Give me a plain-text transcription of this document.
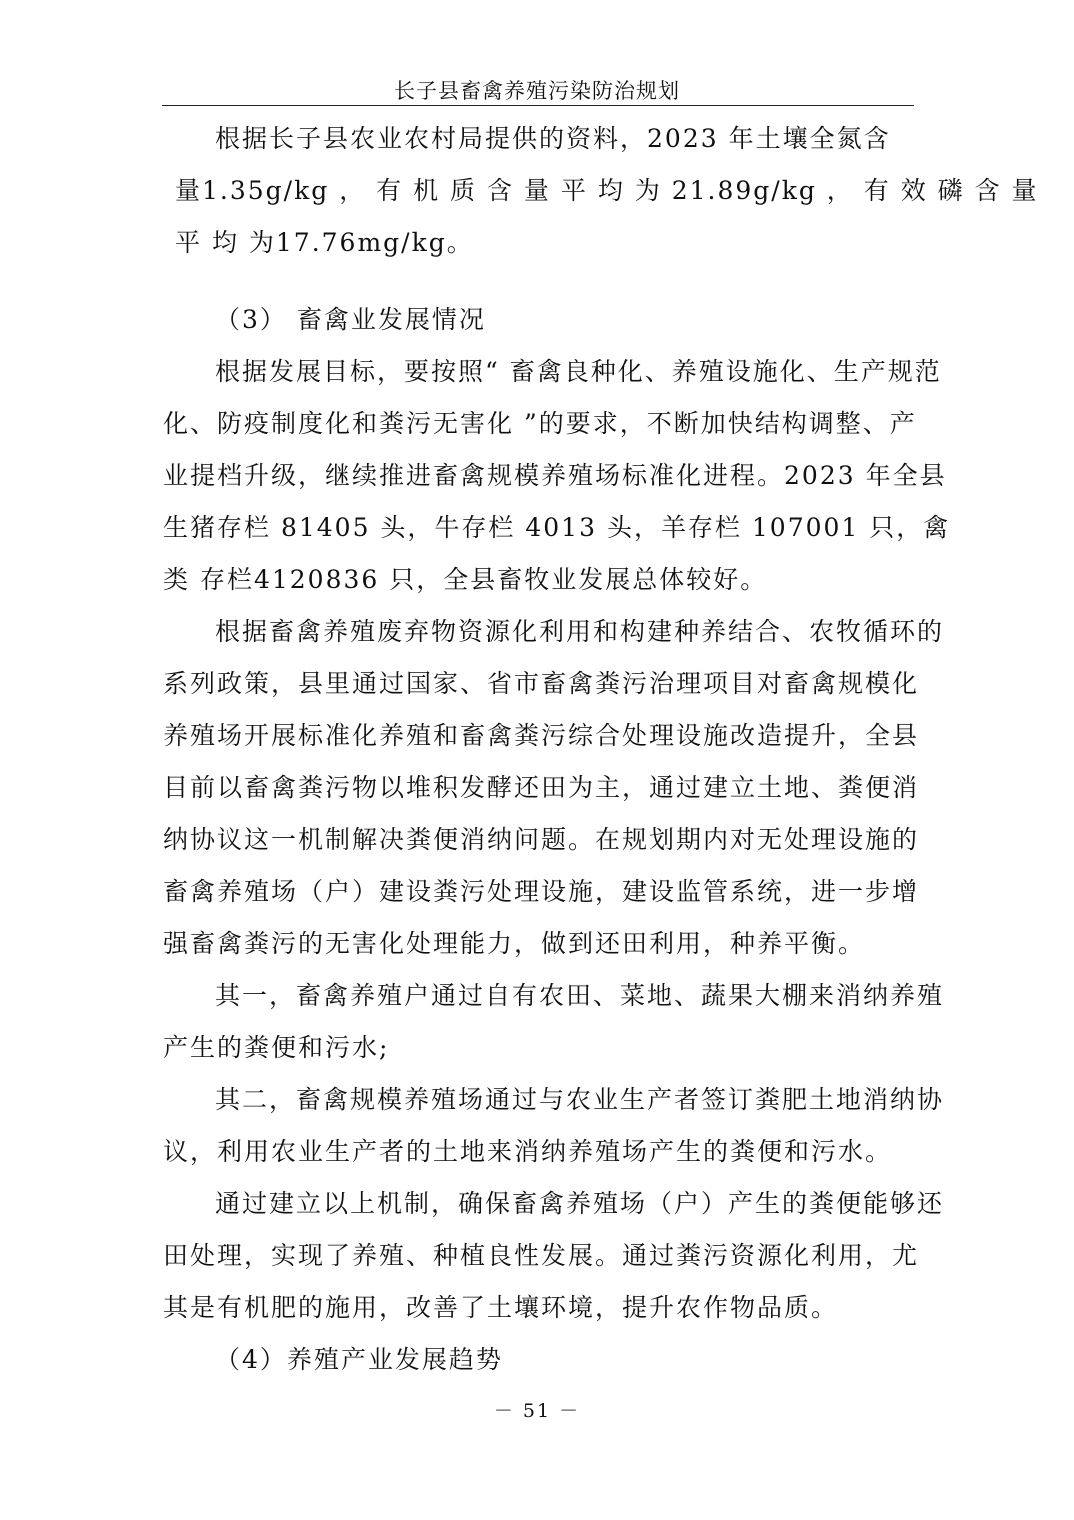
长子县畜禽养殖污染防治规划

根据长子县农业农村局提供的资料，2023 年土壤全氮含
量1.35g/kg ， 有 机 质 含 量 平 均 为 21.89g/kg ， 有 效 磷 含 量
平 均 为17.76mg/kg。

（3） 畜禽业发展情况

根据发展目标，要按照“ 畜禽良种化、养殖设施化、生产规范
化、防疫制度化和粪污无害化 ”的要求，不断加快结构调整、产
业提档升级，继续推进畜禽规模养殖场标准化进程。2023 年全县
生猪存栏 81405 头，牛存栏 4013 头，羊存栏 107001 只，禽
类 存栏4120836 只，全县畜牧业发展总体较好。

根据畜禽养殖废弃物资源化利用和构建种养结合、农牧循环的
系列政策，县里通过国家、省市畜禽粪污治理项目对畜禽规模化
养殖场开展标准化养殖和畜禽粪污综合处理设施改造提升，全县
目前以畜禽粪污物以堆积发酵还田为主，通过建立土地、粪便消
纳协议这一机制解决粪便消纳问题。在规划期内对无处理设施的
畜禽养殖场（户）建设粪污处理设施，建设监管系统，进一步增
强畜禽粪污的无害化处理能力，做到还田利用，种养平衡。

其一，畜禽养殖户通过自有农田、菜地、蔬果大棚来消纳养殖
产生的粪便和污水;

其二，畜禽规模养殖场通过与农业生产者签订粪肥土地消纳协
议，利用农业生产者的土地来消纳养殖场产生的粪便和污水。

通过建立以上机制，确保畜禽养殖场（户）产生的粪便能够还
田处理，实现了养殖、种植良性发展。通过粪污资源化利用，尤
其是有机肥的施用，改善了土壤环境，提升农作物品质。

（4）养殖产业发展趋势

－ 51 －
